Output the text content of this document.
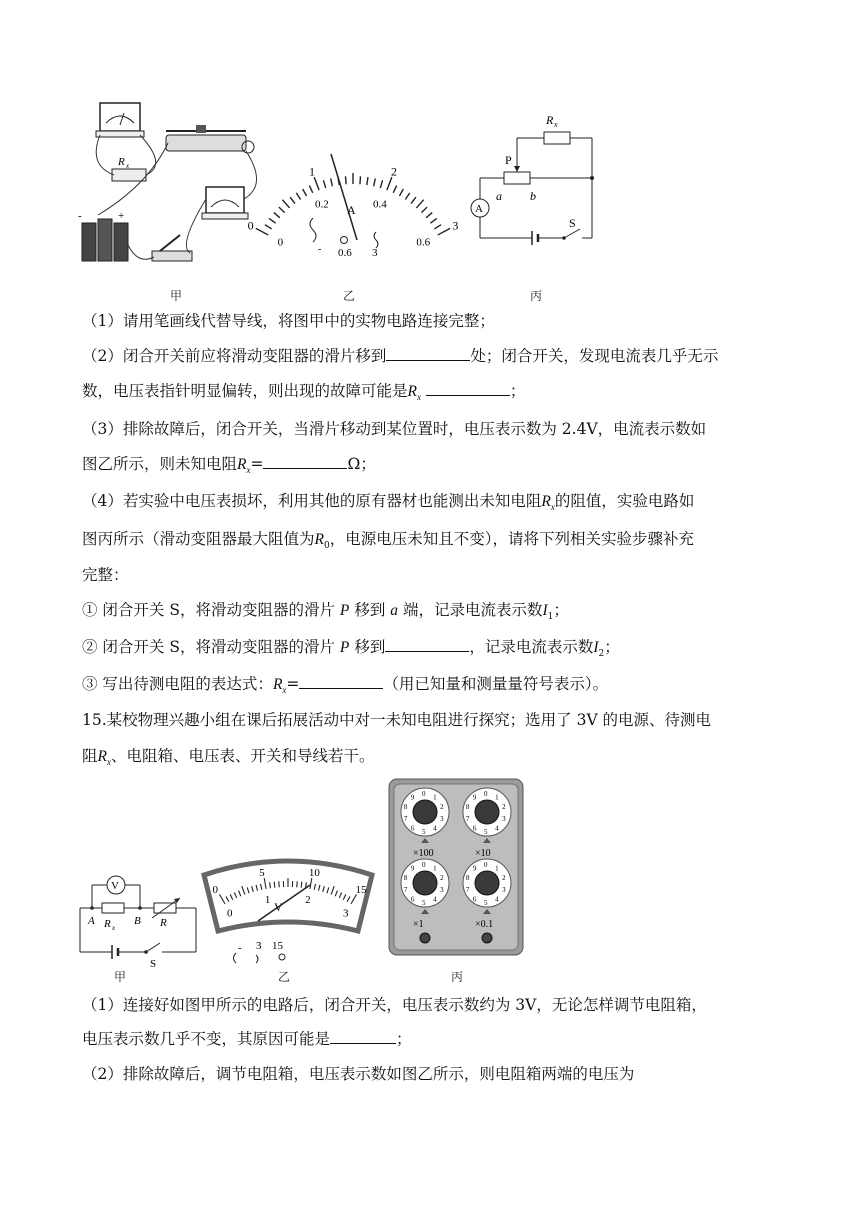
R x
-	+
甲
0
1	2
3
0
0.2	0.4
0.6
A
- 0.6 3
乙
A
S
R x
P
a b
丙
（1）请用笔画线代替导线，将图甲中的实物电路连接完整；
（2）闭合开关前应将滑动变阻器的滑片移到	处；闭合开关，发现电流表几乎无示
数，电压表指针明显偏转，则出现的故障可能是$R_x$	；
（3）排除故障后，闭合开关，当滑片移动到某位置时，电压表示数为 2.4V，电流表示数如
图乙所示，则未知电阻$R_x=$	Ω；
（4）若实验中电压表损坏，利用其他的原有器材也能测出未知电阻$R_x$的阻值，实验电路如
图丙所示（滑动变阻器最大阻值为$R_0$，电源电压未知且不变），请将下列相关实验步骤补充
完整：
① 闭合开关 S，将滑动变阻器的滑片 P 移到 a 端，记录电流表示数$I_1$；
② 闭合开关 S，将滑动变阻器的滑片 P 移到	，记录电流表示数$I_2$；
③ 写出待测电阻的表达式：$R_x=$	（用已知量和测量量符号表示）。
15.某校物理兴趣小组在课后拓展活动中对一未知电阻进行探究；选用了 3V 的电源、待测电
阻$R_x$、电阻箱、电压表、开关和导线若干。
V
A R x
B R
S
甲
0
5	10
15
0
1	2
3
V
- 3 15
乙
0 1
2
3
4
5
6
7
8
9
×100
0 1
2
3
4
5
6
7
8
9
×10
0 1
2
3
4
5
6
7
8
9
×1
0 1
2
3
4
5
6
7
8
9
×0.1
丙
（1）连接好如图甲所示的电路后，闭合开关，电压表示数约为 3V，无论怎样调节电阻箱，
电压表示数几乎不变，其原因可能是	；
（2）排除故障后，调节电阻箱，电压表示数如图乙所示，则电阻箱两端的电压为
